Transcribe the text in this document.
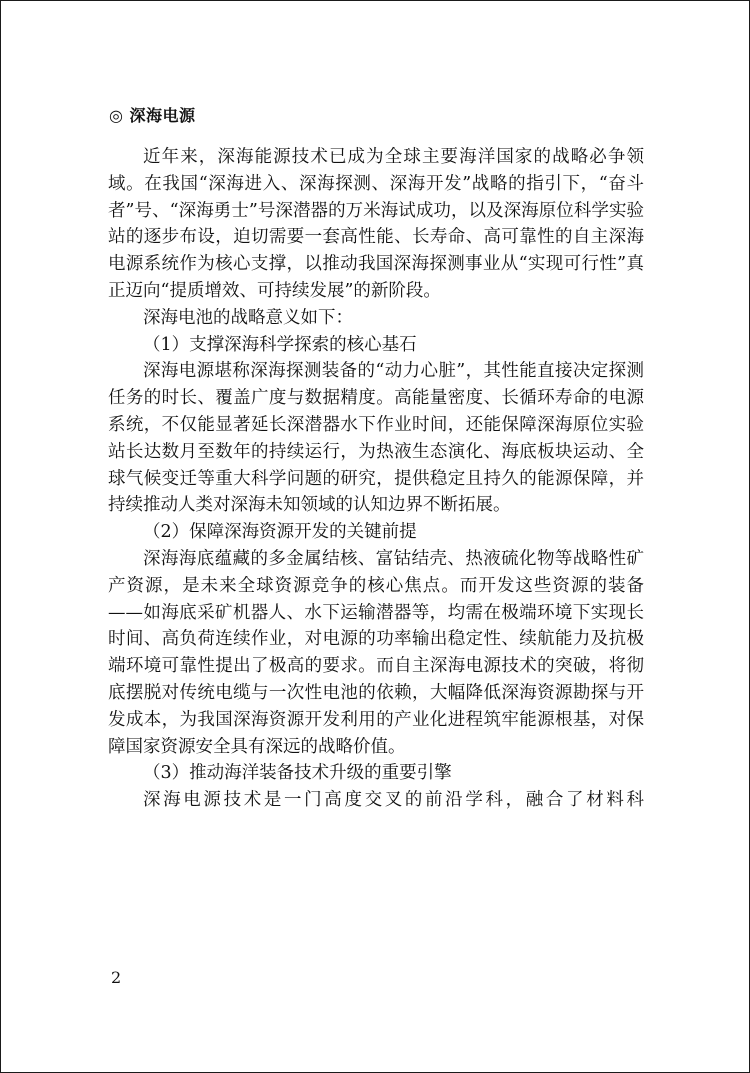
◎ 深海电源

近年来，深海能源技术已成为全球主要海洋国家的战略必争领域。在我国“深海进入、深海探测、深海开发”战略的指引下，“奋斗者”号、“深海勇士”号深潜器的万米海试成功，以及深海原位科学实验站的逐步布设，迫切需要一套高性能、长寿命、高可靠性的自主深海电源系统作为核心支撑，以推动我国深海探测事业从“实现可行性”真正迈向“提质增效、可持续发展”的新阶段。

深海电池的战略意义如下：

（1）支撑深海科学探索的核心基石

深海电源堪称深海探测装备的“动力心脏”，其性能直接决定探测任务的时长、覆盖广度与数据精度。高能量密度、长循环寿命的电源系统，不仅能显著延长深潜器水下作业时间，还能保障深海原位实验站长达数月至数年的持续运行，为热液生态演化、海底板块运动、全球气候变迁等重大科学问题的研究，提供稳定且持久的能源保障，并持续推动人类对深海未知领域的认知边界不断拓展。

（2）保障深海资源开发的关键前提

深海海底蕴藏的多金属结核、富钴结壳、热液硫化物等战略性矿产资源，是未来全球资源竞争的核心焦点。而开发这些资源的装备——如海底采矿机器人、水下运输潜器等，均需在极端环境下实现长时间、高负荷连续作业，对电源的功率输出稳定性、续航能力及抗极端环境可靠性提出了极高的要求。而自主深海电源技术的突破，将彻底摆脱对传统电缆与一次性电池的依赖，大幅降低深海资源勘探与开发成本，为我国深海资源开发利用的产业化进程筑牢能源根基，对保障国家资源安全具有深远的战略价值。

（3）推动海洋装备技术升级的重要引擎

深海电源技术是一门高度交叉的前沿学科，融合了材料科

2
